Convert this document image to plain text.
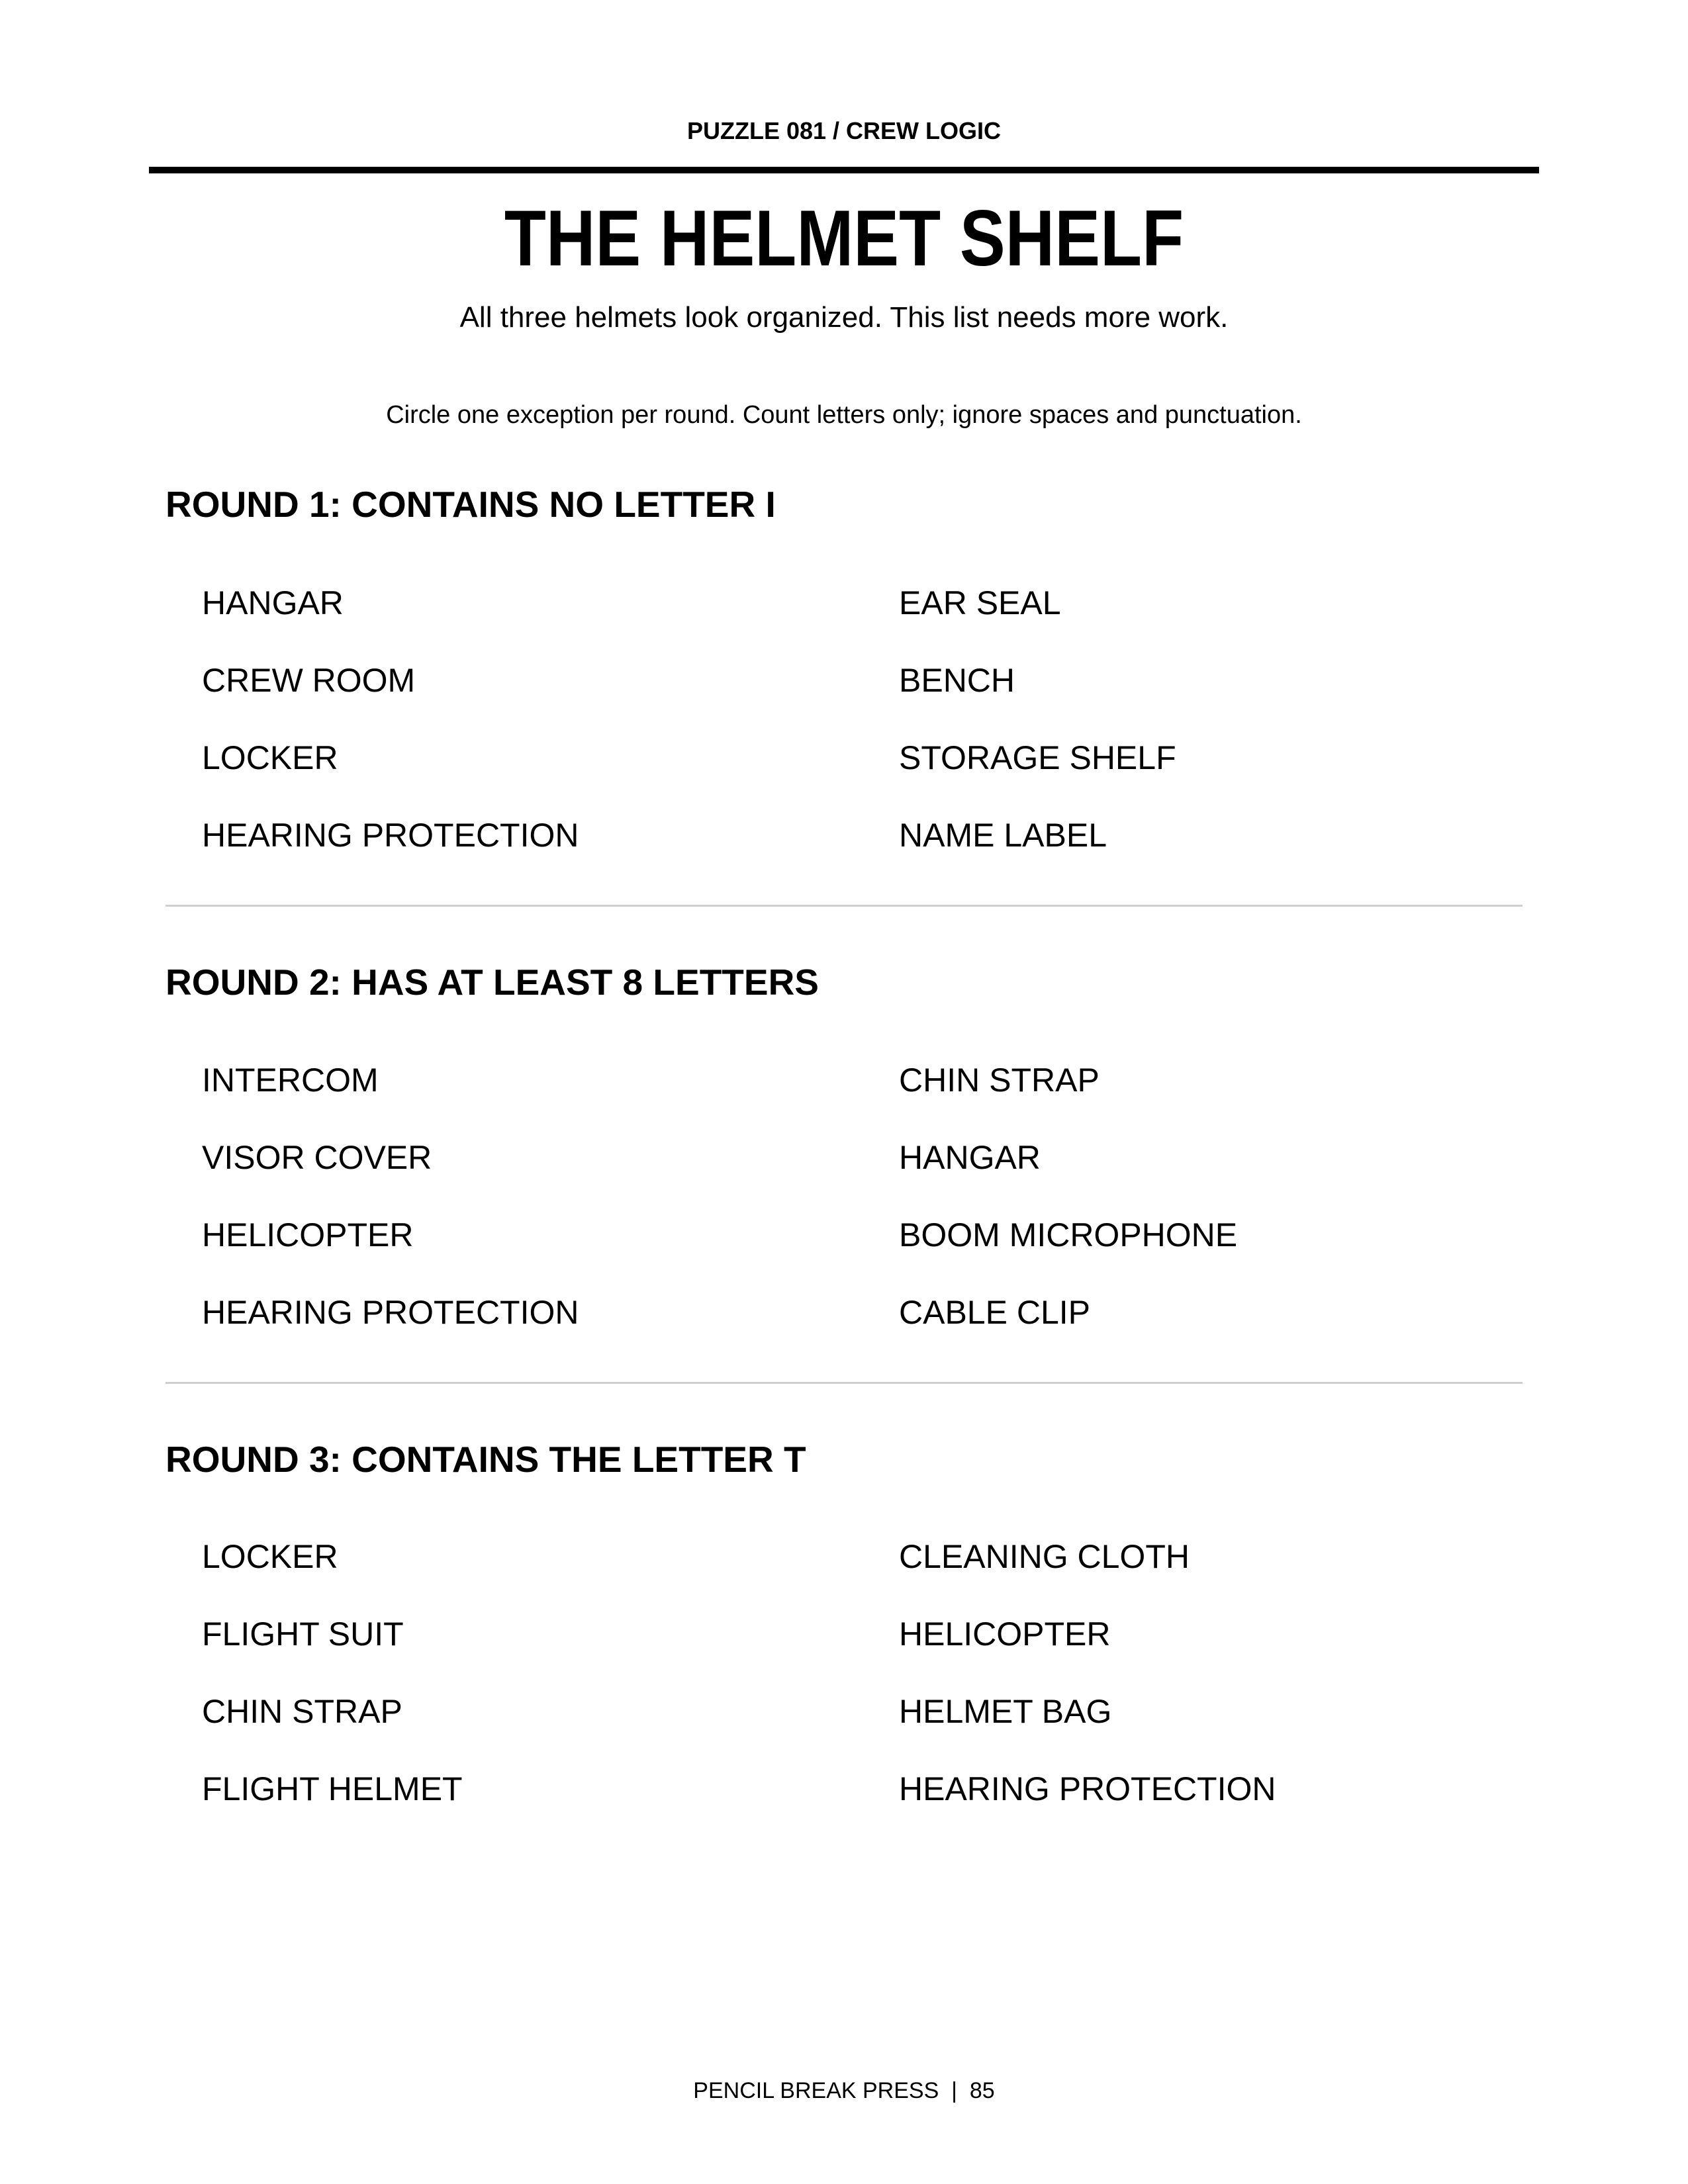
PUZZLE 081 / CREW LOGIC
THE HELMET SHELF
All three helmets look organized. This list needs more work.
Circle one exception per round. Count letters only; ignore spaces and punctuation.
ROUND 1: CONTAINS NO LETTER I
HANGAR
CREW ROOM
LOCKER
HEARING PROTECTION
EAR SEAL
BENCH
STORAGE SHELF
NAME LABEL
ROUND 2: HAS AT LEAST 8 LETTERS
INTERCOM
VISOR COVER
HELICOPTER
HEARING PROTECTION
CHIN STRAP
HANGAR
BOOM MICROPHONE
CABLE CLIP
ROUND 3: CONTAINS THE LETTER T
LOCKER
FLIGHT SUIT
CHIN STRAP
FLIGHT HELMET
CLEANING CLOTH
HELICOPTER
HELMET BAG
HEARING PROTECTION
PENCIL BREAK PRESS  |  85
